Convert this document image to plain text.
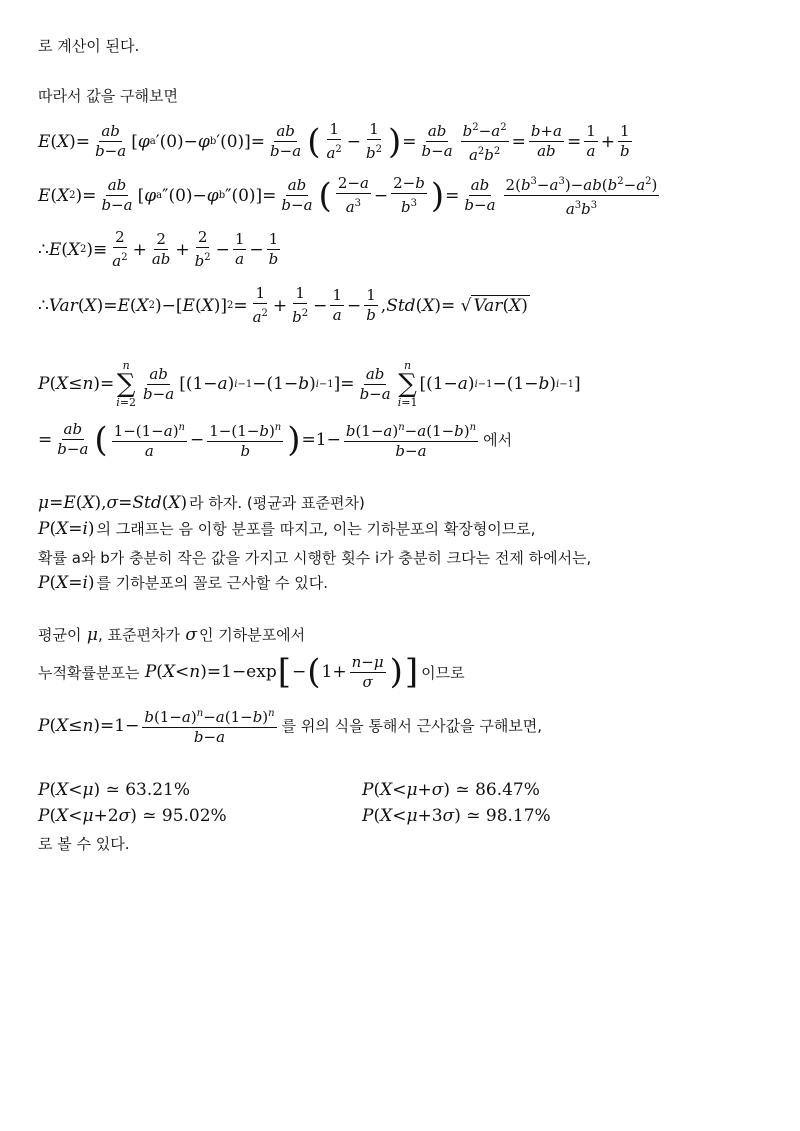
로 계산이 된다.
따라서 값을 구해보면
E ( X )= $\frac{ab}{b-a}$ [ φ a ′(0)− φ b $'(0)]= \frac{ab}{b-a}$ ( $\frac{1}{a^2} - \frac{1}{b^2}$ ) = $\frac{ab}{b-a} \frac{b^2-a^2}{a^2b^2} = \frac{b+a}{ab} = \frac{1}{a} + \frac{1}{b}$
E ( X 2 )= $\frac{ab}{b-a}$ [ φ a ″(0)− φ b $''(0)]= \frac{ab}{b-a}$ ( $\frac{2-a}{a^3} - \frac{2-b}{b^3}$ ) = $\frac{ab}{b-a} \frac{2(b^3-a^3)-ab(b^2-a^2)}{a^3b^3}$
∴ E ( X 2 )≡ $\frac{2}{a^2} + \frac{2}{ab} + \frac{2}{b^2} - \frac{1}{a} - \frac{1}{b}$
∴ Var ( X )= E ( X 2 )−[ E ( X )] $2 = \frac{1}{a^2} + \frac{1}{b^2} - \frac{1}{a} - \frac{1}{b}$ , Std ( X )= √ Var(X)
P ( X ≤ n )=
n
∑
$i=2 \frac{ab}{b-a} [(1- a$ ) i−1 −(1− b ) i−1 ]= $\frac{ab}{b-a}$ n
∑
i=1
[(1− a ) i−1 −(1− b ) i−1 ]
= $\frac{ab}{b-a}$ ( $\frac{1-(1-a)^n}{a} - \frac{1-(1-b)^n}{b}$ ) $=1- \frac{b(1-a)^n-a(1-b)^n}{b-a}$ 에서
μ = E ( X ), σ = Std ( X ) 라 하자. (평균과 표준편차)
P ( X = i ) 의 그래프는 음 이항 분포를 따지고, 이는 기하분포의 확장형이므로,
확률 a와 b가 충분히 작은 값을 가지고 시행한 횟수 i가 충분히 크다는 전제 하에서는,
P ( X = i ) 를 기하분포의 꼴로 근사할 수 있다.
평균이
μ , 표준편차가
σ 인 기하분포에서
누적확률분포는
P ( X < n )=1−exp [ − ( $1+ \frac{n-\mu}{\sigma}$ ) ] 이므로
P ( X ≤ n )$=1- \frac{b(1-a)^n-a(1-b)^n}{b-a}$ 를 위의 식을 통해서 근사값을 구해보면,
P ( X < μ ) ≃ 63.21%	P ( X < μ + σ ) ≃ 86.47%
P ( X < μ +2 σ ) ≃ 95.02%	P ( X < μ +3 σ ) ≃ 98.17%
로 볼 수 있다.
